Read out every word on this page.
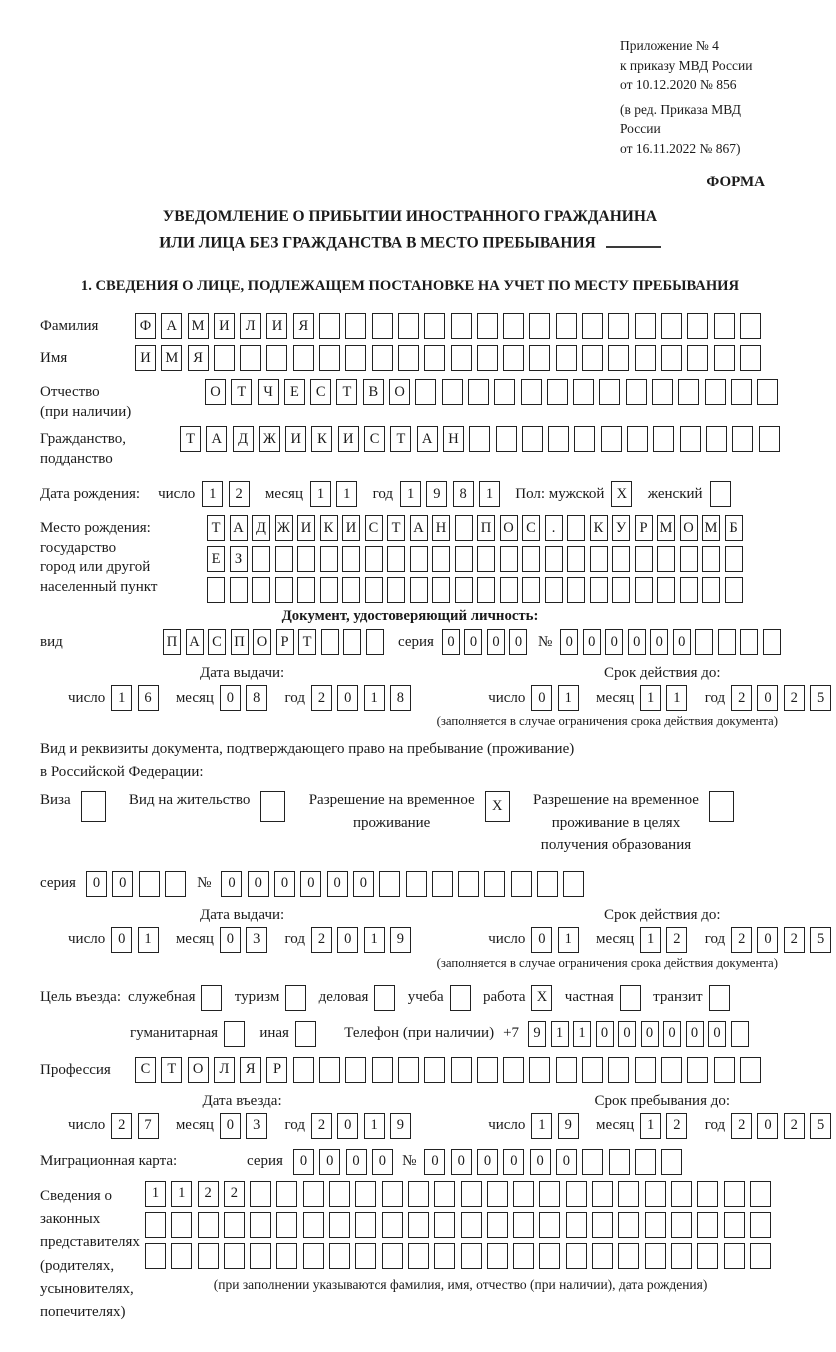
Приложение № 4
к приказу МВД России
от 10.12.2020 № 856
(в ред. Приказа МВД России
от 16.11.2022 № 867)
ФОРМА
УВЕДОМЛЕНИЕ О ПРИБЫТИИ ИНОСТРАННОГО ГРАЖДАНИНА
ИЛИ ЛИЦА БЕЗ ГРАЖДАНСТВА В МЕСТО ПРЕБЫВАНИЯ
1. СВЕДЕНИЯ О ЛИЦЕ, ПОДЛЕЖАЩЕМ ПОСТАНОВКЕ НА УЧЕТ ПО МЕСТУ ПРЕБЫВАНИЯ
Фамилия	Ф	А	М	И	Л	И	Я
Имя	И	М	Я
Отчество
(при наличии)
О	Т	Ч	Е	С	Т	В	О
Гражданство,
подданство
Т	А	Д	Ж	И	К	И	С	Т	А	Н
Дата рождения: число 1	2	месяц 1	1	год 1	9	8	1	Пол: мужской X	женский
Место рождения:
государство
город или другой
населенный пункт
Т А Д Ж И К И С Т А Н П О С	.	К У Р М О М Б
Е З
Документ, удостоверяющий личность:
вид	П А С П О Р Т	серия 0	0	0	0	№ 0	0	0	0	0	0
Дата выдачи:
число 1	6	месяц 0	8	год 2	0	1	8
Срок действия до:
число 0	1	месяц 1	1	год 2	0	2	5
(заполняется в случае ограничения срока действия документа)
Вид и реквизиты документа, подтверждающего право на пребывание (проживание)
в Российской Федерации:
Виза	Вид на жительство	Разрешение на временное
проживание
X	Разрешение на временное
проживание в целях
получения образования
серия	0	0	№	0	0	0	0	0	0
Дата выдачи:
число 0	1	месяц 0	3	год 2	0	1	9
Срок действия до:
число 0	1	месяц 1	2	год 2	0	2	5
(заполняется в случае ограничения срока действия документа)
Цель въезда: служебная	туризм	деловая	учеба	работа X	частная	транзит
гуманитарная	иная	Телефон (при наличии) +7 9	1	1	0	0	0	0	0	0
Профессия	С	Т	О	Л	Я	Р
Дата въезда:
число 2	7	месяц 0	3	год 2	0	1	9
Срок пребывания до:
число 1	9	месяц 1	2	год 2	0	2	5
Миграционная карта:	серия	0	0	0	0	№	0	0	0	0	0	0
Сведения о
законных
представителях
(родителях,
усыновителях,
попечителях)
1	1	2	2
(при заполнении указываются фамилия, имя, отчество (при наличии), дата рождения)
